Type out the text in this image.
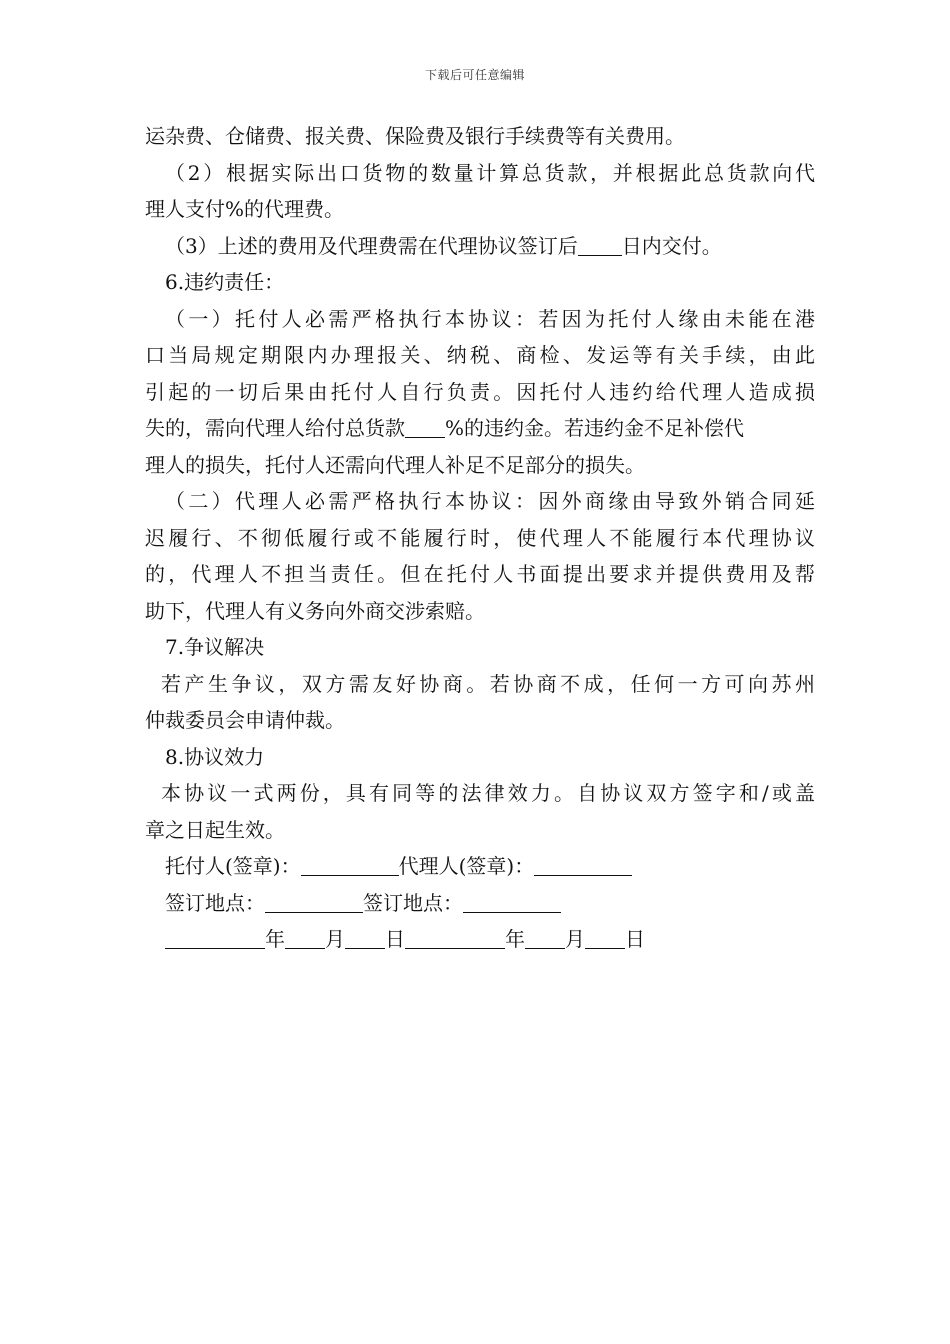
下载后可任意编辑
运杂费、仓储费、报关费、保险费及银行手续费等有关费用。
（2）根据实际出口货物的数量计算总货款，并根据此总货款向代
理人支付%的代理费。
（3）上述的费用及代理费需在代理协议签订后 日内交付。
6.违约责任：
（一）托付人必需严格执行本协议：若因为托付人缘由未能在港
口当局规定期限内办理报关、纳税、商检、发运等有关手续，由此
引起的一切后果由托付人自行负责。因托付人违约给代理人造成损
失的，需向代理人给付总货款 %的违约金。若违约金不足补偿代
理人的损失，托付人还需向代理人补足不足部分的损失。
（二）代理人必需严格执行本协议：因外商缘由导致外销合同延
迟履行、不彻低履行或不能履行时，使代理人不能履行本代理协议
的，代理人不担当责任。但在托付人书面提出要求并提供费用及帮
助下，代理人有义务向外商交涉索赔。
7.争议解决
若产生争议，双方需友好协商。若协商不成，任何一方可向苏州
仲裁委员会申请仲裁。
8.协议效力
本协议一式两份，具有同等的法律效力。自协议双方签字和/或盖
章之日起生效。
托付人(签章)：	代理人(签章)：
签订地点：	签订地点：
年 月 日	年 月 日
